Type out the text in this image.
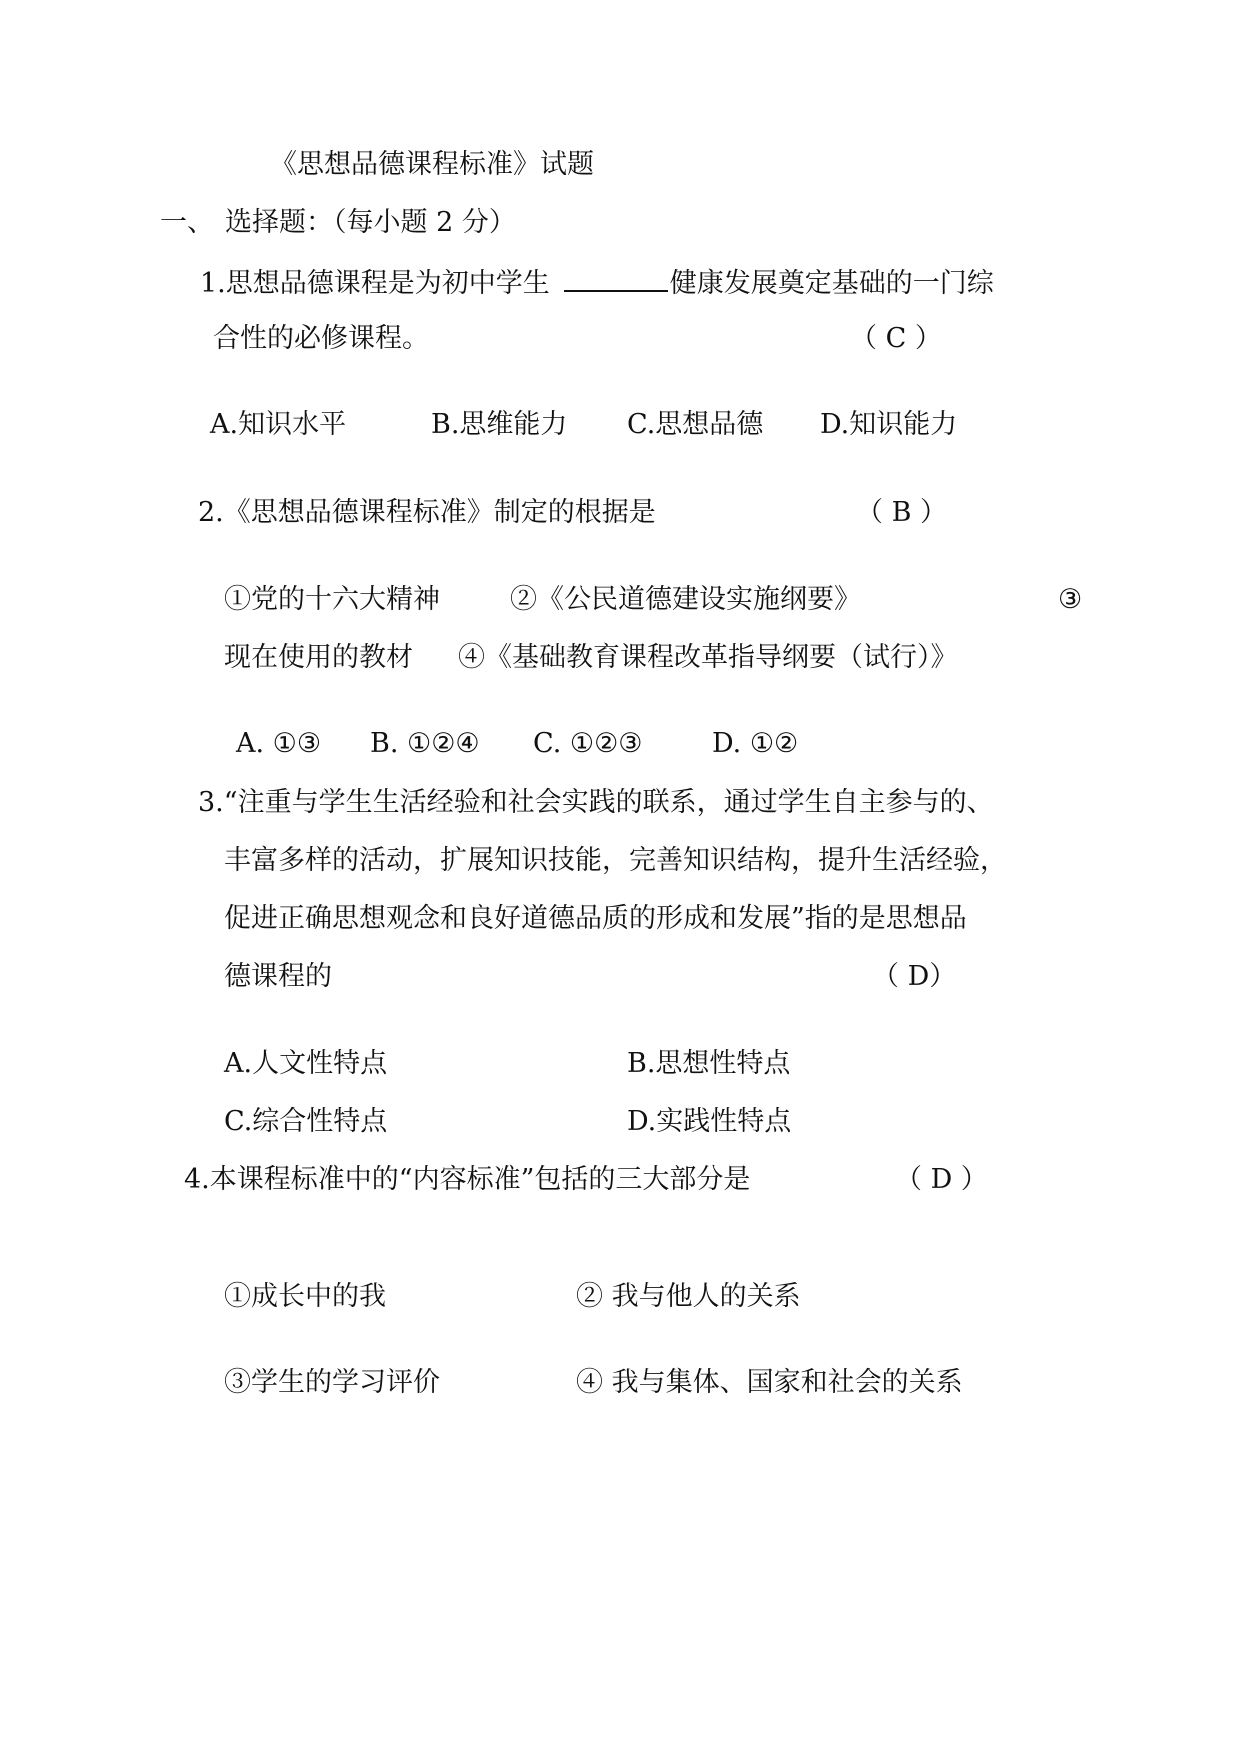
《思想品德课程标准》试题
一、 选择题：（每小题 2 分）
1.思想品德课程是为初中学生	健康发展奠定基础的一门综
合性的必修课程。	（ C ）
A.知识水平	B.思维能力 C.思想品德 D.知识能力
2.《思想品德课程标准》制定的根据是	（ B ）
①党的十六大精神	②《公民道德建设实施纲要》	③
现在使用的教材 ④《基础教育课程改革指导纲要（试行）》
A. ①③ B. ①②④ C. ①②③	D. ①②
3.“注重与学生生活经验和社会实践的联系，通过学生自主参与的、
丰富多样的活动，扩展知识技能，完善知识结构，提升生活经验，
促进正确思想观念和良好道德品质的形成和发展”指的是思想品
德课程的	（ D）
A.人文性特点	B.思想性特点
C.综合性特点	D.实践性特点
4.本课程标准中的“内容标准”包括的三大部分是	（ D ）
①成长中的我	② 我与他人的关系
③学生的学习评价	④ 我与集体、国家和社会的关系
